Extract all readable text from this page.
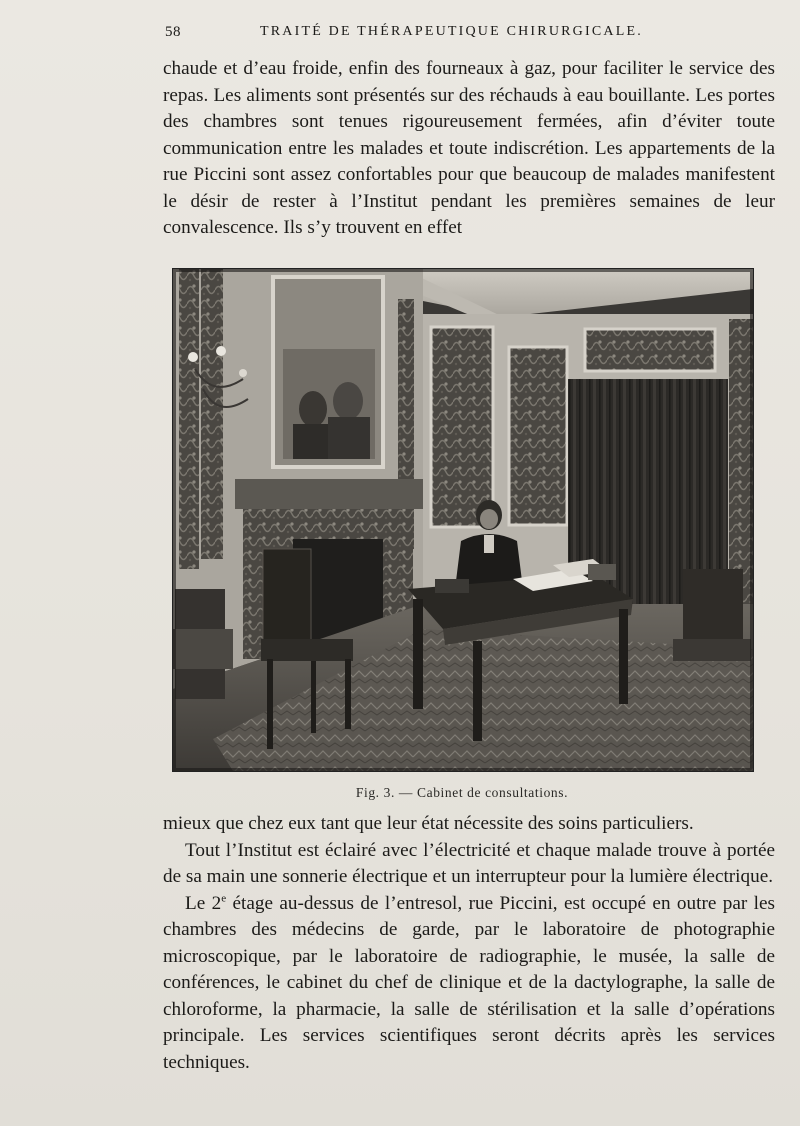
58	TRAITÉ DE THÉRAPEUTIQUE CHIRURGICALE.

chaude et d’eau froide, enfin des fourneaux à gaz, pour faciliter le service des repas. Les aliments sont présentés sur des réchauds à eau bouillante. Les portes des chambres sont tenues rigoureusement fermées, afin d’éviter toute communication entre les malades et toute indiscrétion. Les appartements de la rue Piccini sont assez confortables pour que beaucoup de malades manifestent le désir de rester à l’Institut pendant les premières semaines de leur convalescence. Ils s’y trouvent en effet

Fig. 3. — Cabinet de consultations.

mieux que chez eux tant que leur état nécessite des soins particuliers.

Tout l’Institut est éclairé avec l’électricité et chaque malade trouve à portée de sa main une sonnerie électrique et un interrupteur pour la lumière électrique.

Le 2e étage au-dessus de l’entresol, rue Piccini, est occupé en outre par les chambres des médecins de garde, par le laboratoire de photographie microscopique, par le laboratoire de radiographie, le musée, la salle de conférences, le cabinet du chef de clinique et de la dactylographe, la salle de chloroforme, la pharmacie, la salle de stérilisation et la salle d’opérations principale. Les services scientifiques seront décrits après les services techniques.
